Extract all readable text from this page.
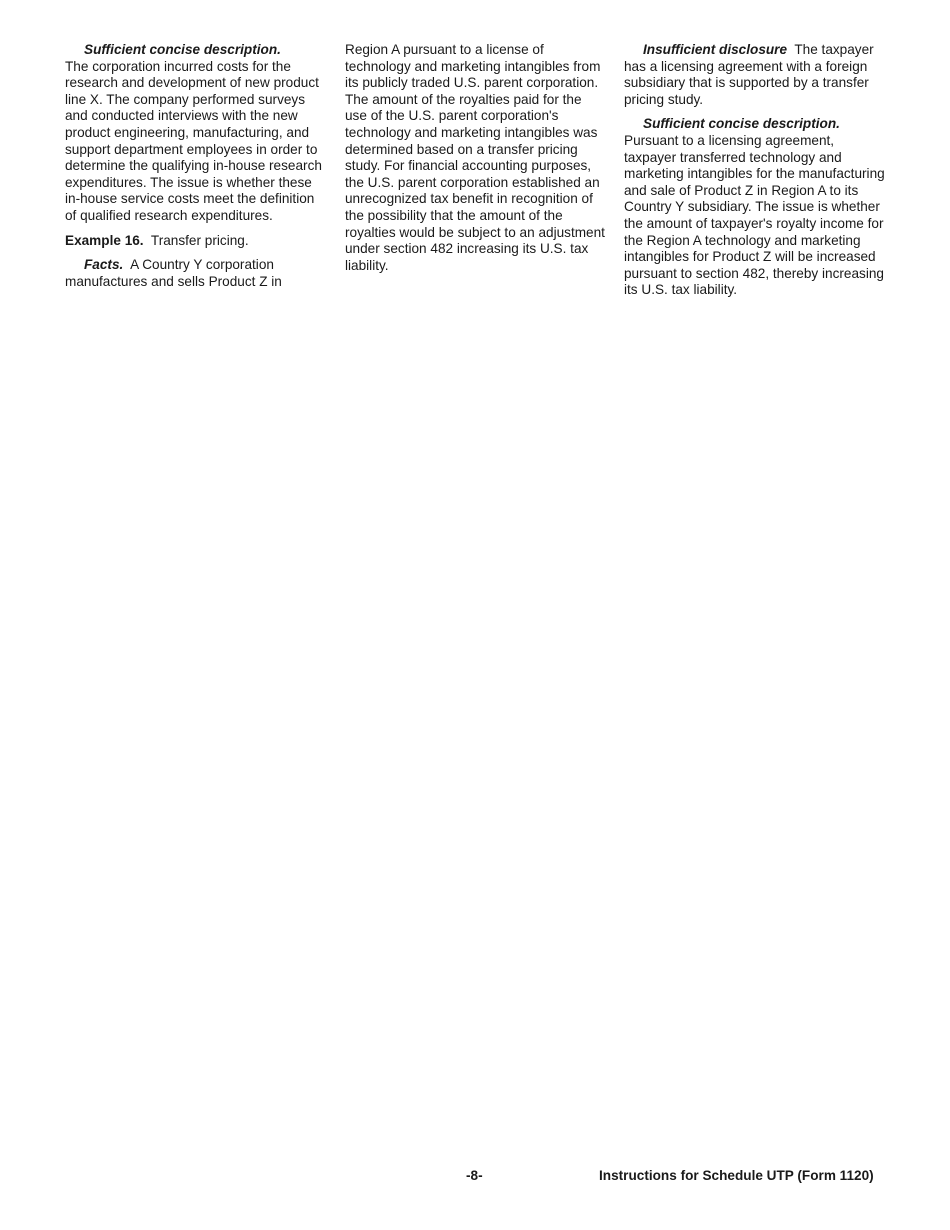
Sufficient concise description.
The corporation incurred costs for the research and development of new product line X. The company performed surveys and conducted interviews with the new product engineering, manufacturing, and support department employees in order to determine the qualifying in-house research expenditures. The issue is whether these in-house service costs meet the definition of qualified research expenditures.

Example 16. Transfer pricing.

Facts. A Country Y corporation manufactures and sells Product Z in

Region A pursuant to a license of technology and marketing intangibles from its publicly traded U.S. parent corporation. The amount of the royalties paid for the use of the U.S. parent corporation's technology and marketing intangibles was determined based on a transfer pricing study. For financial accounting purposes, the U.S. parent corporation established an unrecognized tax benefit in recognition of the possibility that the amount of the royalties would be subject to an adjustment under section 482 increasing its U.S. tax liability.

Insufficient disclosure The taxpayer has a licensing agreement with a foreign subsidiary that is supported by a transfer pricing study.

Sufficient concise description.
Pursuant to a licensing agreement, taxpayer transferred technology and marketing intangibles for the manufacturing and sale of Product Z in Region A to its Country Y subsidiary. The issue is whether the amount of taxpayer's royalty income for the Region A technology and marketing intangibles for Product Z will be increased pursuant to section 482, thereby increasing its U.S. tax liability.

-8-	Instructions for Schedule UTP (Form 1120)
